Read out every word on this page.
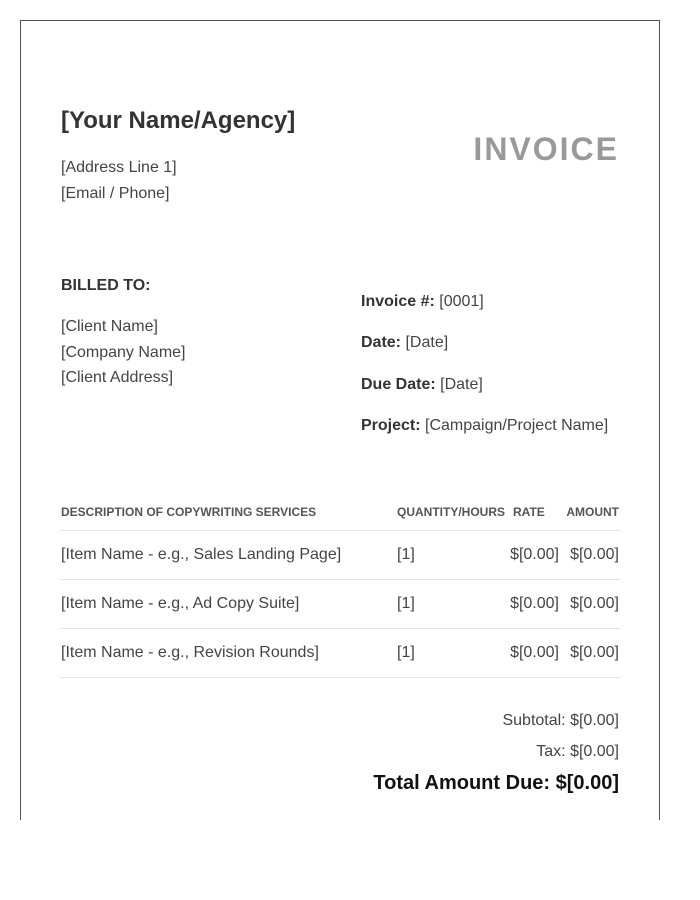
[Your Name/Agency]
[Address Line 1]
[Email / Phone]
INVOICE
BILLED TO:
[Client Name]
[Company Name]
[Client Address]
Invoice #: [0001]
Date: [Date]
Due Date: [Date]
Project: [Campaign/Project Name]
DESCRIPTION OF COPYWRITING SERVICES	QUANTITY/HOURS RATE AMOUNT
[Item Name - e.g., Sales Landing Page]	[1]	$[0.00] $[0.00]
[Item Name - e.g., Ad Copy Suite]	[1]	$[0.00] $[0.00]
[Item Name - e.g., Revision Rounds]	[1]	$[0.00] $[0.00]
Subtotal: $[0.00]
Tax: $[0.00]
Total Amount Due: $[0.00]
